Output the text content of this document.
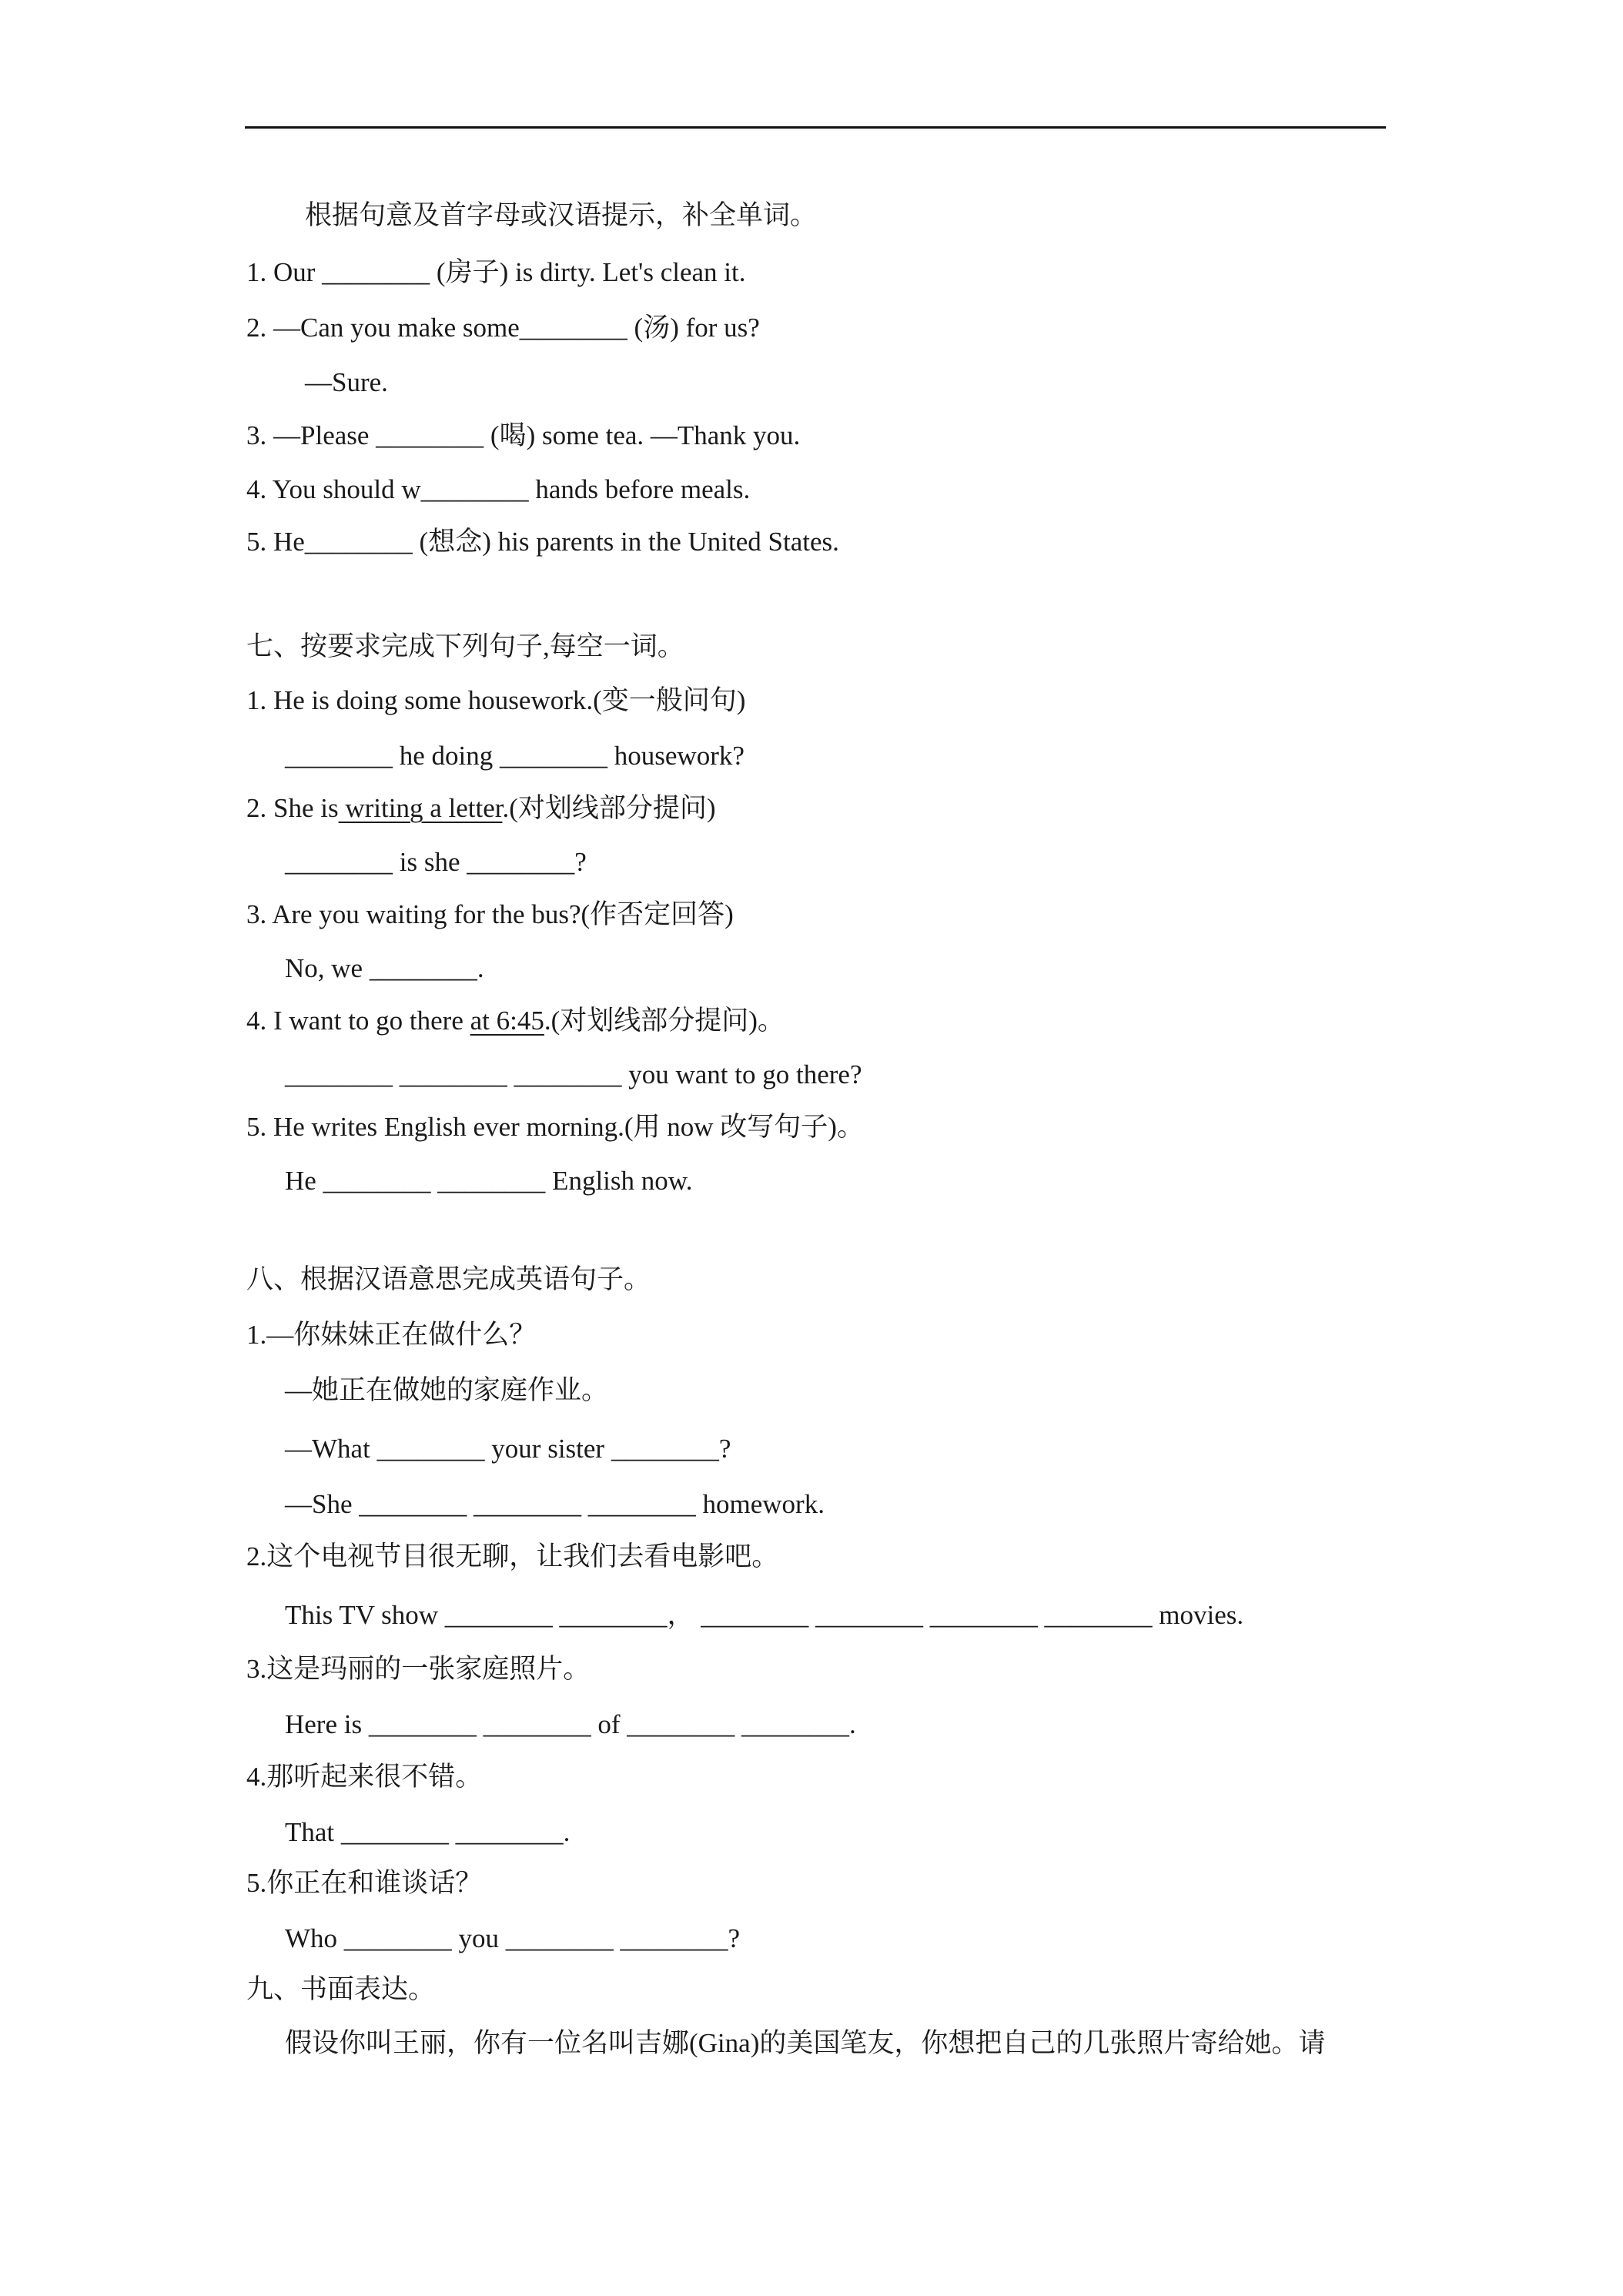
根据句意及首字母或汉语提示，补全单词。
1. Our ________ (房子) is dirty. Let's clean it.
2. —Can you make some________ (汤) for us?
—Sure.
3. —Please ________ (喝) some tea. —Thank you.
4. You should w________ hands before meals.
5. He________ (想念) his parents in the United States.
七、按要求完成下列句子,每空一词。
1. He is doing some housework.(变一般问句)
________ he doing ________ housework?
2. She is writing a letter.(对划线部分提问)
________ is she ________?
3. Are you waiting for the bus?(作否定回答)
No, we ________.
4. I want to go there at 6:45.(对划线部分提问)。
________ ________ ________ you want to go there?
5. He writes English ever morning.(用 now 改写句子)。
He ________ ________ English now.
八、根据汉语意思完成英语句子。
1.—你妹妹正在做什么？
—她正在做她的家庭作业。
—What ________ your sister ________?
—She ________ ________ ________ homework.
2.这个电视节目很无聊，让我们去看电影吧。
This TV show ________ ________， ________ ________ ________ ________ movies.
3.这是玛丽的一张家庭照片。
Here is ________ ________ of ________ ________.
4.那听起来很不错。
That ________ ________.
5.你正在和谁谈话？
Who ________ you ________ ________?
九、书面表达。
假设你叫王丽，你有一位名叫吉娜(Gina)的美国笔友，你想把自己的几张照片寄给她。请
